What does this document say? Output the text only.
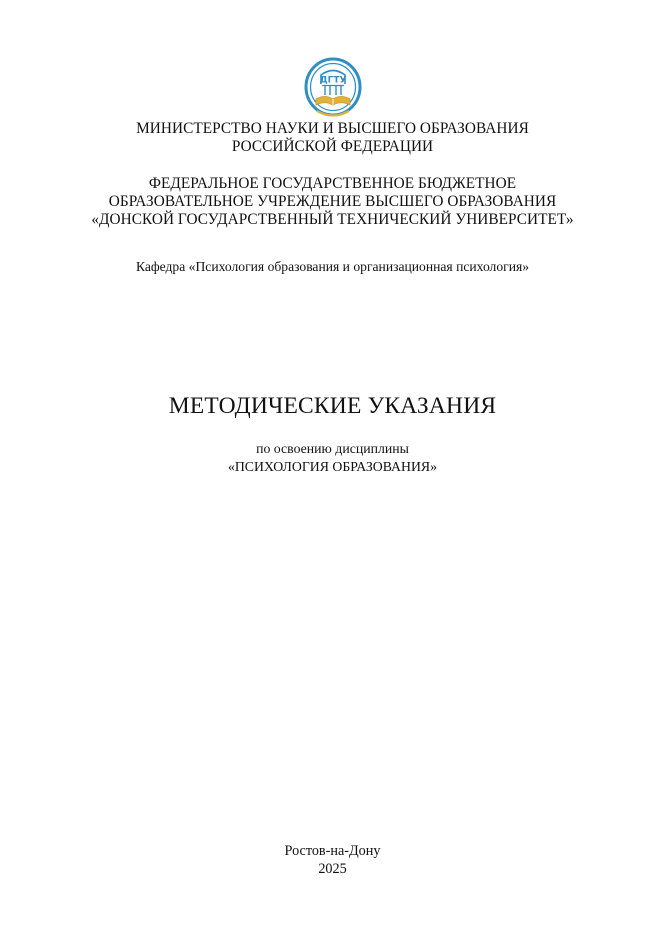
ДГТУ
МИНИСТЕРСТВО НАУКИ И ВЫСШЕГО ОБРАЗОВАНИЯ
РОССИЙСКОЙ ФЕДЕРАЦИИ
ФЕДЕРАЛЬНОЕ ГОСУДАРСТВЕННОЕ БЮДЖЕТНОЕ
ОБРАЗОВАТЕЛЬНОЕ УЧРЕЖДЕНИЕ ВЫСШЕГО ОБРАЗОВАНИЯ
«ДОНСКОЙ ГОСУДАРСТВЕННЫЙ ТЕХНИЧЕСКИЙ УНИВЕРСИТЕТ»
Кафедра «Психология образования и организационная психология»
МЕТОДИЧЕСКИЕ УКАЗАНИЯ
по освоению дисциплины
«ПСИХОЛОГИЯ ОБРАЗОВАНИЯ»
Ростов-на-Дону
2025
